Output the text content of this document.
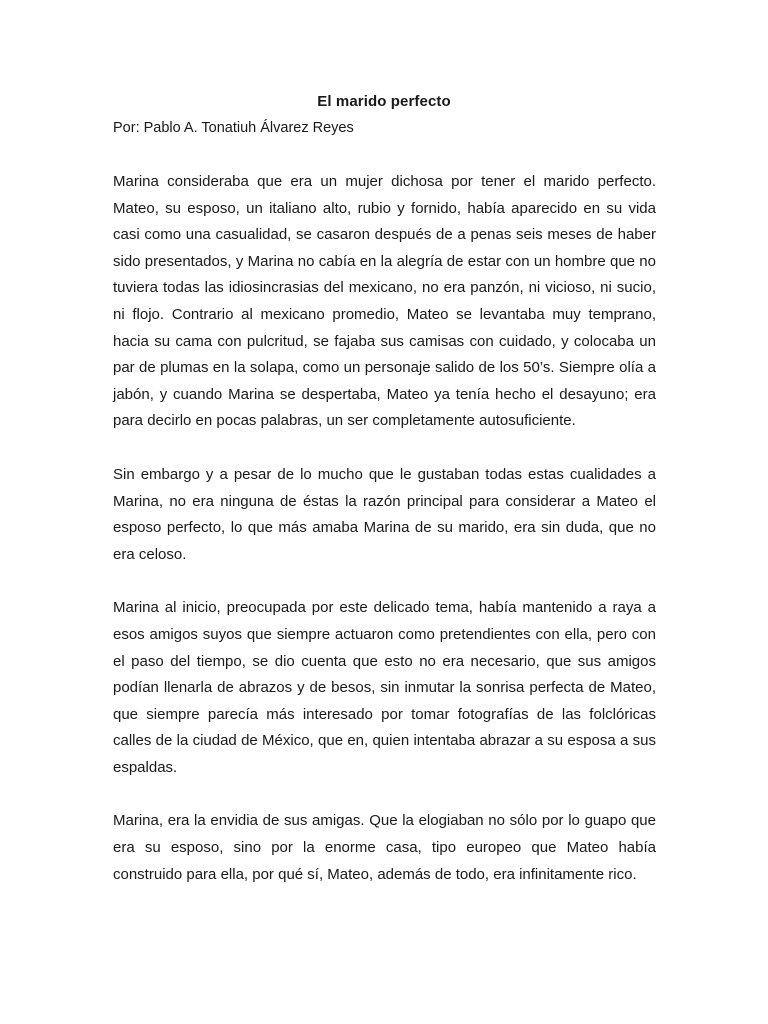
El marido perfecto
Por: Pablo A. Tonatiuh Álvarez Reyes

Marina consideraba que era un mujer dichosa por tener el marido perfecto. Mateo, su esposo, un italiano alto, rubio y fornido, había aparecido en su vida casi como una casualidad, se casaron después de a penas seis meses de haber sido presentados, y Marina no cabía en la alegría de estar con un hombre que no tuviera todas las idiosincrasias del mexicano, no era panzón, ni vicioso, ni sucio, ni flojo. Contrario al mexicano promedio, Mateo se levantaba muy temprano, hacia su cama con pulcritud, se fajaba sus camisas con cuidado, y colocaba un par de plumas en la solapa, como un personaje salido de los 50’s. Siempre olía a jabón, y cuando Marina se despertaba, Mateo ya tenía hecho el desayuno; era para decirlo en pocas palabras, un ser completamente autosuficiente.

Sin embargo y a pesar de lo mucho que le gustaban todas estas cualidades a Marina, no era ninguna de éstas la razón principal para considerar a Mateo el esposo perfecto, lo que más amaba Marina de su marido, era sin duda, que no era celoso.

Marina al inicio, preocupada por este delicado tema, había mantenido a raya a esos amigos suyos que siempre actuaron como pretendientes con ella, pero con el paso del tiempo, se dio cuenta que esto no era necesario, que sus amigos podían llenarla de abrazos y de besos, sin inmutar la sonrisa perfecta de Mateo, que siempre parecía más interesado por tomar fotografías de las folclóricas calles de la ciudad de México, que en, quien intentaba abrazar a su esposa a sus espaldas.

Marina, era la envidia de sus amigas. Que la elogiaban no sólo por lo guapo que era su esposo, sino por la enorme casa, tipo europeo que Mateo había construido para ella, por qué sí, Mateo, además de todo, era infinitamente rico.
